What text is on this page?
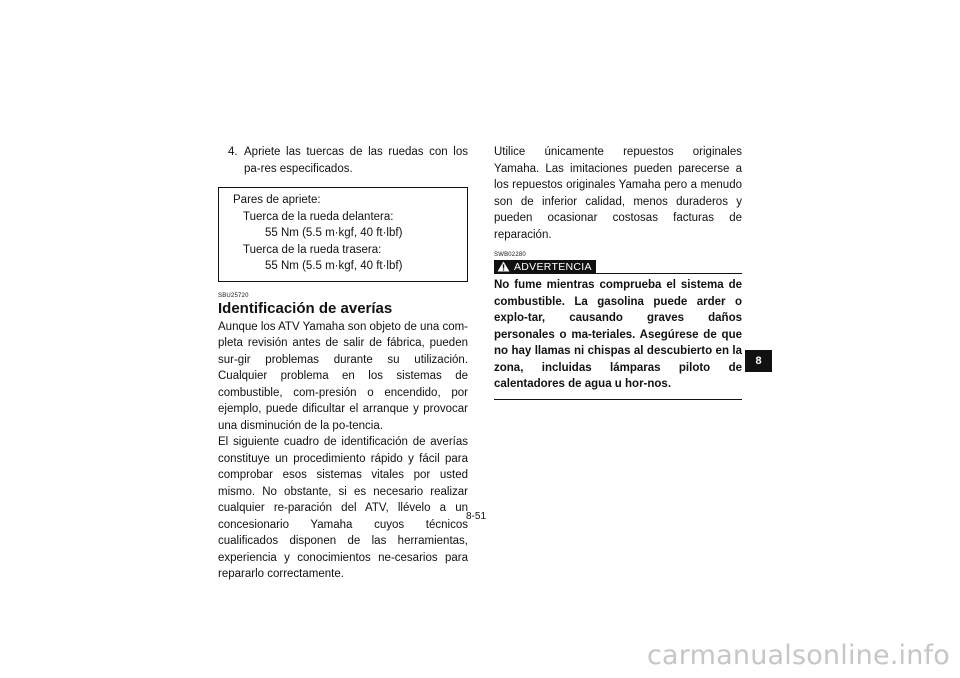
4. Apriete las tuercas de las ruedas con los pa-res especificados.
Pares de apriete:
Tuerca de la rueda delantera:
55 Nm (5.5 m·kgf, 40 ft·lbf)
Tuerca de la rueda trasera:
55 Nm (5.5 m·kgf, 40 ft·lbf)
SBU25720
Identificación de averías

Aunque los ATV Yamaha son objeto de una com-pleta revisión antes de salir de fábrica, pueden sur-gir problemas durante su utilización. Cualquier problema en los sistemas de combustible, com-presión o encendido, por ejemplo, puede dificultar el arranque y provocar una disminución de la po-tencia.

El siguiente cuadro de identificación de averías constituye un procedimiento rápido y fácil para comprobar esos sistemas vitales por usted mismo. No obstante, si es necesario realizar cualquier re-paración del ATV, llévelo a un concesionario Yamaha cuyos técnicos cualificados disponen de las herramientas, experiencia y conocimientos ne-cesarios para repararlo correctamente.

Utilice únicamente repuestos originales Yamaha. Las imitaciones pueden parecerse a los repuestos originales Yamaha pero a menudo son de inferior calidad, menos duraderos y pueden ocasionar costosas facturas de reparación.

SWB02280
ADVERTENCIA

No fume mientras comprueba el sistema de combustible. La gasolina puede arder o explo-tar, causando graves daños personales o ma-teriales. Asegúrese de que no hay llamas ni chispas al descubierto en la zona, incluidas lámparas piloto de calentadores de agua u hor-nos.

8-51
8
carmanualsonline.info
